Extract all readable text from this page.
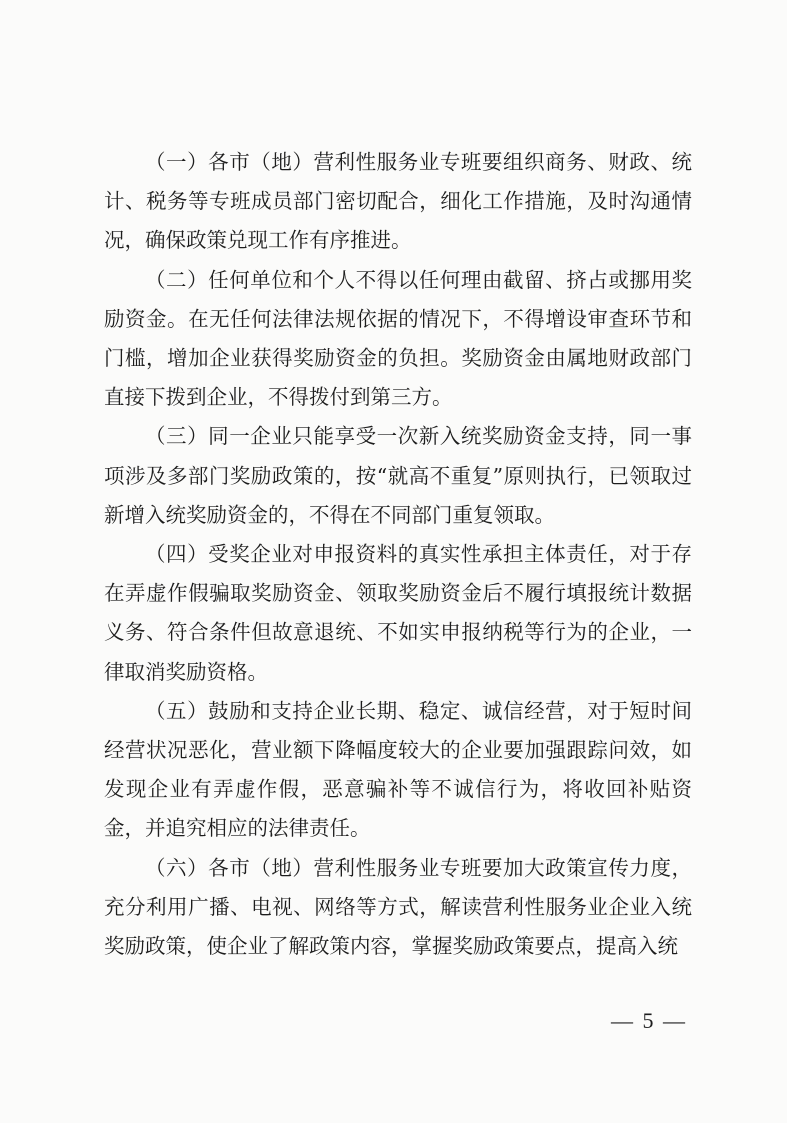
（一）各市（地）营利性服务业专班要组织商务、财政、统计、税务等专班成员部门密切配合，细化工作措施，及时沟通情况，确保政策兑现工作有序推进。

（二）任何单位和个人不得以任何理由截留、挤占或挪用奖励资金。在无任何法律法规依据的情况下，不得增设审查环节和门槛，增加企业获得奖励资金的负担。奖励资金由属地财政部门直接下拨到企业，不得拨付到第三方。

（三）同一企业只能享受一次新入统奖励资金支持，同一事项涉及多部门奖励政策的，按“就高不重复”原则执行，已领取过新增入统奖励资金的，不得在不同部门重复领取。

（四）受奖企业对申报资料的真实性承担主体责任，对于存在弄虚作假骗取奖励资金、领取奖励资金后不履行填报统计数据义务、符合条件但故意退统、不如实申报纳税等行为的企业，一律取消奖励资格。

（五）鼓励和支持企业长期、稳定、诚信经营，对于短时间经营状况恶化，营业额下降幅度较大的企业要加强跟踪问效，如发现企业有弄虚作假，恶意骗补等不诚信行为，将收回补贴资金，并追究相应的法律责任。

（六）各市（地）营利性服务业专班要加大政策宣传力度，充分利用广播、电视、网络等方式，解读营利性服务业企业入统奖励政策，使企业了解政策内容，掌握奖励政策要点，提高入统

— 5 —
